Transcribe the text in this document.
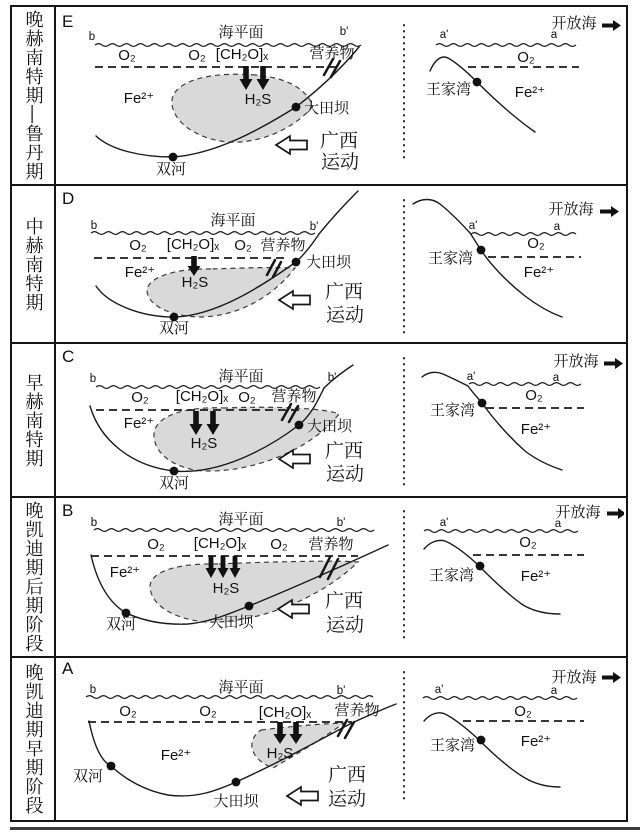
晚赫南特期—鲁丹期 E
海平面
b	b'
O₂	O₂ [CH₂O]ₓ	营养物
Fe²⁺	H₂S
双河
大田坝
广西
运动
开放海
a'	a
O₂
Fe²⁺
王家湾
中赫南特期
D
海平面
b	b'
O₂ [CH₂O]ₓ O₂ 营养物
Fe²⁺
H₂S
双河
大田坝
广西
运动
开放海
a'	a
O₂
Fe²⁺
王家湾
早赫南特期
C
海平面
b	b'
O₂ [CH₂O]ₓ O₂ 营养物
Fe²⁺
H₂S
双河
大田坝
广西
运动
开放海
a'	a
O₂
Fe²⁺
王家湾
晚凯迪期后期阶段 B	海平面
b	b'
O₂ [CH₂O]ₓ O₂ 营养物
Fe²⁺
H₂S
双河	大田坝
广西
运动
开放海
a'	a
O₂
Fe²⁺
王家湾
晚凯迪期早期阶段 A
海平面
b	b'
O₂	O₂	[CH₂O]ₓ 营养物
Fe²⁺	H₂S
双河
大田坝
广西
运动
开放海
a'	a
O₂
Fe²⁺
王家湾
